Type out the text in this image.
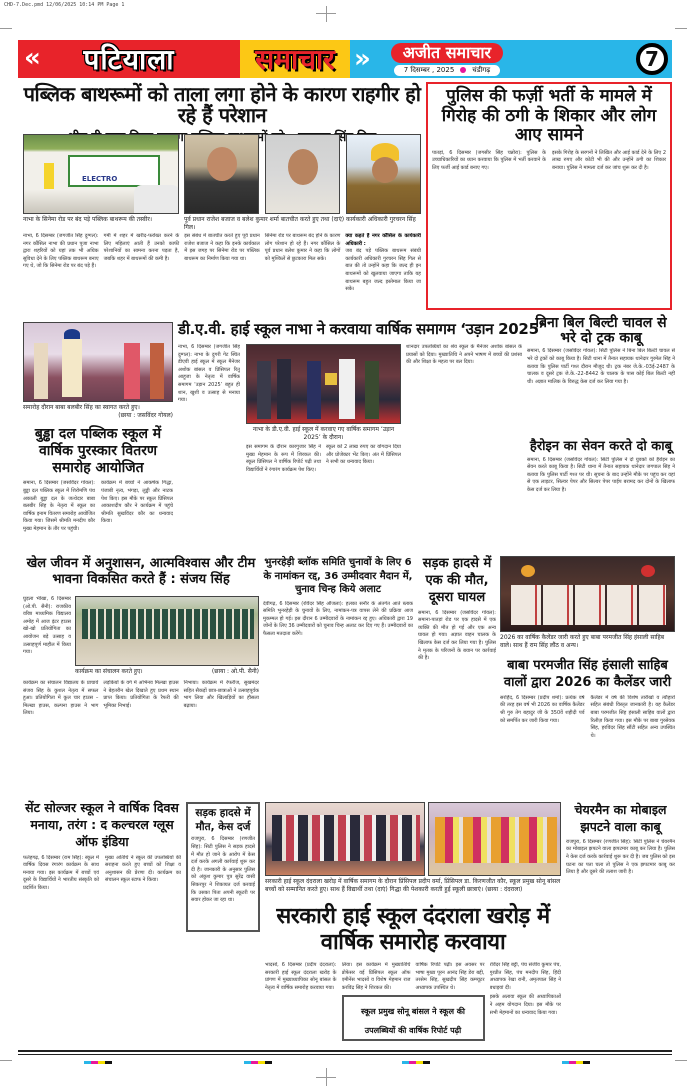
CHD-7.Dec.pmd 12/06/2025 10:14 PM Page 1
« पटियाला	समाचार »	अजीत समाचार
7 दिसम्बर , 2025	चंडीगढ़	7
पब्लिक बाथरूमों को ताला लगा होने के कारण राहगीर हो रहे हैं परेशान
सिंह
ELECTRO
नाभा के सिनेमा रोड पर बंद पड़े पब्लिक बाथरूम की तस्वीर।	पूर्व प्रधान राजेश बजाज व बलेश कुमार शर्मा बातचीत करते हुए तथा (दाएं) कार्यकारी अधिकारी गुरचरन सिंह गिल।

नाभा, 6 दिसम्बर (जगजीत सिंह दुग्गल): नगर कौंसिल नाभा की प्रधान पूजा नाभा द्वारा शहरियों को यहां तक भी अधिक सुविधा देने के लिए पब्लिक बाथरूम बनाए गए थे, जो कि सिनेमा रोड पर बंद पड़े हैं।

गर्मी में शहर में खरीद-फरोख्त करने के लिए महिलाएं आती हैं उनको काफी परेशानियों का सामना करना पड़ता है, जबकि शहर में बाथरूमों की कमी है।

इस संबंध में बातचीत करते हुए पूर्व प्रधान राजेश बजाज ने कहा कि इनके कार्यकाल में इस जगह पर सिनेमा रोड पर पब्लिक बाथरूम का निर्माण किया गया था।

सिनेमा रोड पर बाथरूम बंद होने के कारण लोग परेशान हो रहे हैं। नगर कौंसिल के पूर्व प्रधान बलेश कुमार ने कहा कि लोगों को मुश्किलें से छुटकारा मिल सके।

क्या कहते हैं नगर कौंसिल के कार्यकारी अधिकारी :

जब बंद पड़े पब्लिक बाथरूम संबंधी कार्यकारी अधिकारी गुरचरन सिंह गिल से बात की तो उन्होंने कहा कि जल्द ही इन बाथरूमों को खुलवाया जाएगा ताकि यह बाथरूम बहुत जल्द इस्तेमाल किया जा सके।

पुलिस की फर्ज़ी भर्ती के मामले में गिरोह की ठगी के शिकार और लोग आए सामने

पातड़ां, 6 दिसम्बर (जगसीर सिंह चन्नोरा): पुलिस के उच्चाधिकारियों का ध्यान करवाया कि पुलिस में भर्ती करवाने के लिए फर्जी आई कार्ड बनाए गए।

इसके गिरोह के सरगनों ने लिखित और आई कार्ड देने के लिए 2 लाख रुपए और कोटी भी की और उन्होंने ठगी का शिकार बनाया। पुलिस ने मामला दर्ज कर जांच शुरू कर दी है।

समारोह दौरान बाबा बलबीर सिंह का स्वागत करते हुए।
(छाया : जसविंदर गोयल)
डी.ए.वी. हाई स्कूल नाभा ने करवाया वार्षिक समागम ‘उड़ान 2025’

नाभा, 6 दिसम्बर (जगजीत सिंह दुग्गल): नाभा के दुगरी गेट स्थित डीएवी हाई स्कूल में स्कूल मैनेजर अशोक बांसल व प्रिंसिपल रितु आहूजा के नेतृत्व में वार्षिक समागम ‘उड़ान 2025’ बहुत ही शान, खुशी व उत्साह से मनाया गया।

नाभा के डी.ए.वी. हाई स्कूल में करवाए गए वार्षिक समागम ‘उड़ान 2025’ के दौरान।

शानदार उपलब्धियों का श्रेय स्कूल के मैनेजर अशोक बांसल के प्रयासों को दिया। मुख्यातिथि ने अपने भाषण में बच्चों की प्रशंसा की और शिक्षा के महत्व पर बल दिया।

इस समागम के दौरान कारगुजार सिंह ने मुख्य मेहमान के रूप में शिरकत की। स्कूल प्रिंसिपल ने वार्षिक रिपोर्ट पढ़ी तथा विद्यार्थियों ने रंगारंग कार्यक्रम पेश किए।

स्कूल को 2 लाख रुपए का योगदान दिया और प्रोजेक्टर भेंट किए। अंत में प्रिंसिपल ने सभी का धन्यवाद किया।

बिना बिल बिल्टी चावल से भरे दो ट्रक काबू

समाना, 6 दिसम्बर (जसविंदर गोयल): सिटी पुलिस ने बिना बिल बिल्टी चावल से भरे दो ट्रकों को काबू किया है। सिटी थाना में तैनात सहायक थानेदार गुरमेल सिंह ने बताया कि पुलिस पार्टी गश्त दौरान मौजूद थी। ट्रक नंबर जे.के.-03ई-2487 के चालक व दूसरे ट्रक जे.के.-22-8442 के चालक के पास कोई बिल बिल्टी नहीं थी। अज्ञात मालिक के विरुद्ध केस दर्ज कर लिया गया है।

हैरोइन का सेवन करते दो काबू

समाना, 6 दिसम्बर (जसविंदर गोयल): सिटी पुलिस ने दो युवकों को हैरोइन का सेवन करते काबू किया है। सिटी थाना में तैनात सहायक थानेदार जगपाल सिंह ने बताया कि पुलिस पार्टी गश्त पर थी। सूचना के बाद उन्होंने मौके पर पहुंच कर वहां से एक लाइटर, सिल्वर पेपर और सिल्वर पेपर पाईप बरामद कर दोनों के खिलाफ केस दर्ज कर लिया है।

बुड्ढा दल पब्लिक स्कूल में वार्षिक पुरस्कार वितरण समारोह आयोजित

समाना, 6 दिसम्बर (जसविंदर गोयल): बुड्ढा दल पब्लिक स्कूल में शिरोमणि पंथ अकाली बुड्ढा दल के जत्थेदार बाबा बलबीर सिंह के नेतृत्व में स्कूल का वार्षिक इनाम वितरण समारोह आयोजित किया गया। जिसमें श्रीमति मनदीप कौर मुख्य मेहमान के तौर पर पहुंची।

कार्यक्रम में बच्चों ने आकर्षक गिद्धा, पंजाबी नृत्य, भंगड़ा, लुड्डी और नाटक पेश किए। इस मौके पर स्कूल प्रिंसिपल आकाशदीप कौर ने कार्यक्रम में पहुंचे श्रीमति सुखविंदर कौर का धन्यवाद किया।

खेल जीवन में अनुशासन, आत्मविश्वास और टीम भावना विकसित करते हैं : संजय सिंह

घुड़ला भीखा, 6 दिसम्बर (ओ.पी. सैनी): राजकीय वरिष्ठ माध्यमिक विद्यालय अमोह में आज इंटर हाउस खो-खो प्रतियोगिता का आयोजन बड़े उत्साह व उत्साहपूर्ण माहौल में किया गया।

कार्यक्रम का संचालन करते हुए।	(छाया : ओ.पी. सैनी)

कार्यक्रम का संचालन विद्यालय के प्राचार्य संजय सिंह के कुशल नेतृत्व में सफल हुआ। प्रतियोगिता में कुल चार हाउस – मिल्खा हाउस, कल्पना हाउस ने भाग लिया।

लड़कियों के वर्ग में अभिनव मिल्खा हाउस ने बेहतरीन खेल दिखाते हुए प्रथम स्थान प्राप्त किया। प्रतियोगिता के रैफरी की भूमिका निभाई।

निभाया। कार्यक्रम में रेफरीज, सुखमंदर सहित सैकड़ों छात्र-छात्राओं ने उत्साहपूर्वक भाग लिया और खिलाड़ियों का हौसला बढ़ाया।

भुनरहेड़ी ब्लॉक समिति चुनावों के लिए 6 के नामांकन रद्द, 36 उम्मीदवार मैदान में, चुनाव चिन्ह किये अलाट

देवीगढ़, 6 दिसम्बर (रविंदर सिंह औजला): हलका सनौर के अंतर्गत आते ब्लाक समिति भुनरहेड़ी के चुनावों के लिए, नामांकन-पत्र वापस लेने की प्रक्रिया आज मुकम्मल हो गई। इस दौरान 6 उम्मीदवारों के नामांकन रद्द हुए। अधिकारी द्वारा 19 जोनों के लिए 36 उम्मीदवारों को चुनाव चिन्ह अलाट कर दिए गए हैं। उम्मीदवारों का फैसला मतदाता करेंगे।

सड़क हादसे में एक की मौत, दूसरा घायल

समाना, 6 दिसम्बर (जसविंदर गोयल): समाना-पातड़ां रोड पर एक हादसे में एक व्यक्ति की मौत हो गई और एक अन्य घायल हो गया। अज्ञात वाहन चालक के खिलाफ केस दर्ज कर लिया गया है। पुलिस ने मृतक के परिजनों के बयान पर कार्रवाई की है।

2026 का वार्षिक कैलेंडर जारी करते हुए बाबा परमजीत सिंह हंसाली साहिब वाले। साथ हैं राम सिंह लौंठ व अन्य।
बाबा परमजीत सिंह हंसाली साहिब वालों द्वारा 2026 का कैलेंडर जारी

सरहिंद, 6 दिसम्बर (प्रदीप शर्मा): प्रत्येक वर्ष की तरह इस वर्ष भी 2026 का वार्षिक कैलेंडर श्री गुरु तेग बहादुर जी के 350वें शहीदी पर्व को समर्पित कर जारी किया गया।

कैलेंडर में वर्ष की विशेष तारीखों व त्यौहारों सहित संबंधी विस्तृत जानकारी है। यह कैलेंडर बाबा परमजीत सिंह हंसाली साहिब वालों द्वारा रिलीज़ किया गया। इस मौके पर बाबा गुरसेवक सिंह, हरविंदर सिंह सौंटी सहित अन्य उपस्थित थे।

सेंट सोल्जर स्कूल ने वार्षिक दिवस मनाया, तरंग : द कल्चरल ग्लूस ऑफ इंडिया

फतेहगढ़, 6 दिसम्बर (राम सिंह): स्कूल में वार्षिक दिवस रंगारंग कार्यक्रम के साथ मनाया गया। इस कार्यक्रम में बच्चों एवं दूसरे के विद्यार्थियों ने भारतीय संस्कृति को प्रदर्शित किया।

मुख्य अतिथि ने स्कूल की उपलब्धियों की सराहना करते हुए बच्चों को शिक्षा व अनुशासन की प्रेरणा दी। कार्यक्रम का संचालन स्कूल स्टाफ ने किया।

सड़क हादसे में मौत, केस दर्ज

राजपुरा, 6 दिसम्बर (रणजीत सिंह): सिटी पुलिस ने सड़क हादसे में मौत हो जाने के आरोप में केस दर्ज करके अगली कार्रवाई शुरू कर दी है। जानकारी के अनुसार पुलिस को अंकुश कुमार पुत्र सुरेंद्र वासी सिकरपुर ने शिकायत दर्ज करवाई कि उसका पिता अपनी स्कूटरी पर सवार होकर जा रहा था।

सरकारी हाई स्कूल दंदराला खरोड़ में वार्षिक समागम के दौरान प्रिंसिपल प्रदीप वर्मा, प्रिंसिपल डा. किरणजीत कौर, स्कूल प्रमुख सोनू बांसल बच्चों को सम्मानित करते हुए। साथ हैं विद्यार्थी तथा (दाएं) गिद्धा की पेशकारी करती हुई स्कूली छात्राएं। (छाया : दंदराला)
चेयरमैन का मोबाइल झपटने वाला काबू

राजपुरा, 6 दिसम्बर (रणजीत सिंह): सिटी पुलिस ने चेयरमैन का मोबाइल झपटने वाला झपटमार काबू कर लिया है। पुलिस ने केस दर्ज करके कार्रवाई शुरू कर दी है। जब पुलिस को इस घटना का पता चला तो पुलिस ने एक झपटमार काबू कर लिया है और दूसरे की तलाश जारी है।

सरकारी हाई स्कूल दंदराला खरोड़ में वार्षिक समारोह करवाया

भादसों, 6 दिसम्बर (प्रदीप दंदराला): सरकारी हाई स्कूल दंदराला खरोड़ के प्रांगण में मुख्याध्यापिका सोनू बांसल के नेतृत्व में वार्षिक समारोह करवाया गया।

लिया। इस कार्यक्रम में मुख्यातिथि प्रोफेसर वई प्रिंसिपल स्कूल ऑफ एमीनेंस भादसों व विशेष मेहमान राज करविंद्र सिंह ने शिरकत की।

वार्षिक रिपोर्ट पढ़ी। इस अवसर पर भाषा मुख्य पूरन आनंद सिंह डेरा बद्दी, तरसेम सिंह, सुखदीप सिंह कम्प्यूटर अध्यापक उपस्थित थे।

स्कूल प्रमुख सोनू बांसल ने स्कूल की उपलब्धियों की वार्षिक रिपोर्ट पढ़ी

रविंदर सिंह बट्टी, पंच संजीव कुमार पंच, गुरप्रीत सिंह, पंच मनदीप सिंह, हिंदी अध्यापक रेखा रानी, अमृतपाल सिंह ने बधाइयां दीं।

इसके अलावा स्कूल की अध्यापिकाओं ने अहम योगदान दिया। इस मौके पर सभी मेहमानों का धन्यवाद किया गया।
